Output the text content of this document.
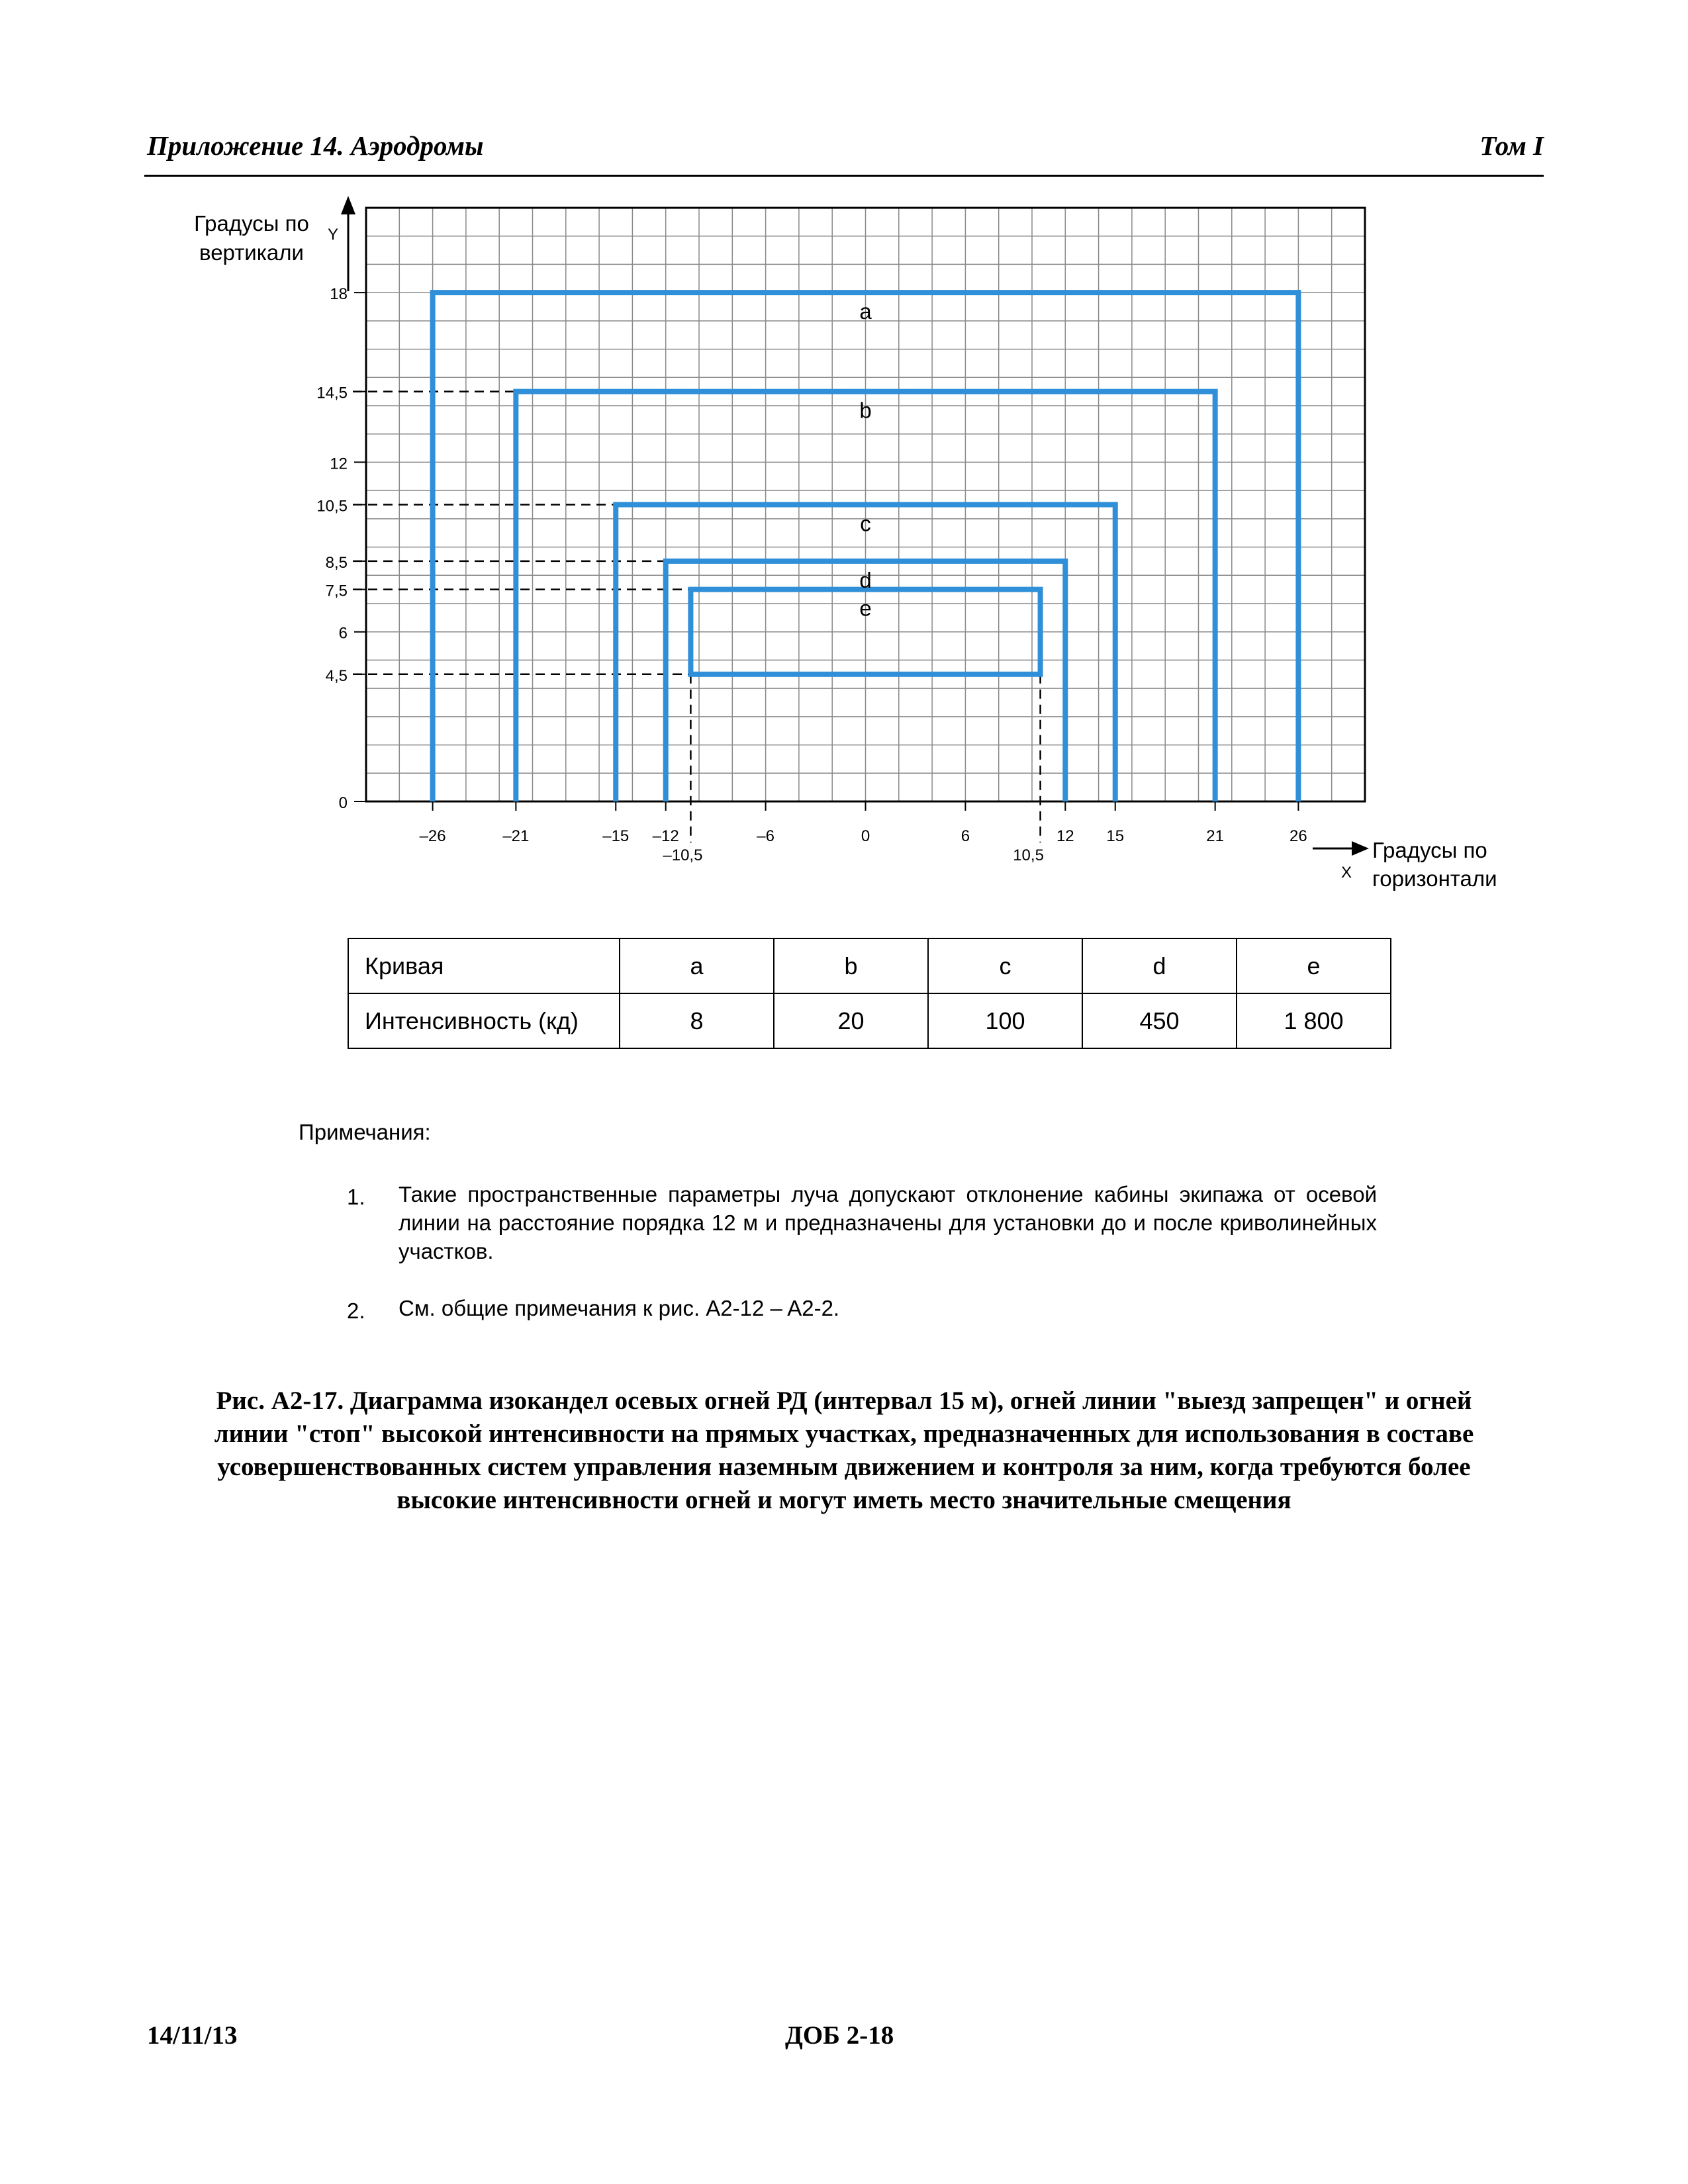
Приложение 14. Аэродромы	Том I
a
b
c
d
e
0
4,5
6
7,5
8,5
10,5
12
14,5
18
–26	–21	–15 –12	–6	0	6	12 15	21	26
–10,5	10,5
Градусы по
вертикали
Y
Градусы по
горизонтали
X
Кривая	a	b	c	d	e
Интенсивность (кд)	8	20	100	450	1 800
Примечания:
1. Такие пространственные параметры луча допускают отклонение кабины экипажа от осевой линии на расстояние порядка 12 м и предназначены для установки до и после криволинейных участков.
2. См. общие примечания к рис. A2-12 – A2-2.
Рис. A2-17. Диаграмма изокандел осевых огней РД (интервал 15 м), огней линии "выезд запрещен" и огней линии "стоп" высокой интенсивности на прямых участках, предназначенных для использования в составе усовершенствованных систем управления наземным движением и контроля за ним, когда требуются более высокие интенсивности огней и могут иметь место значительные смещения
14/11/13	ДОБ 2-18
